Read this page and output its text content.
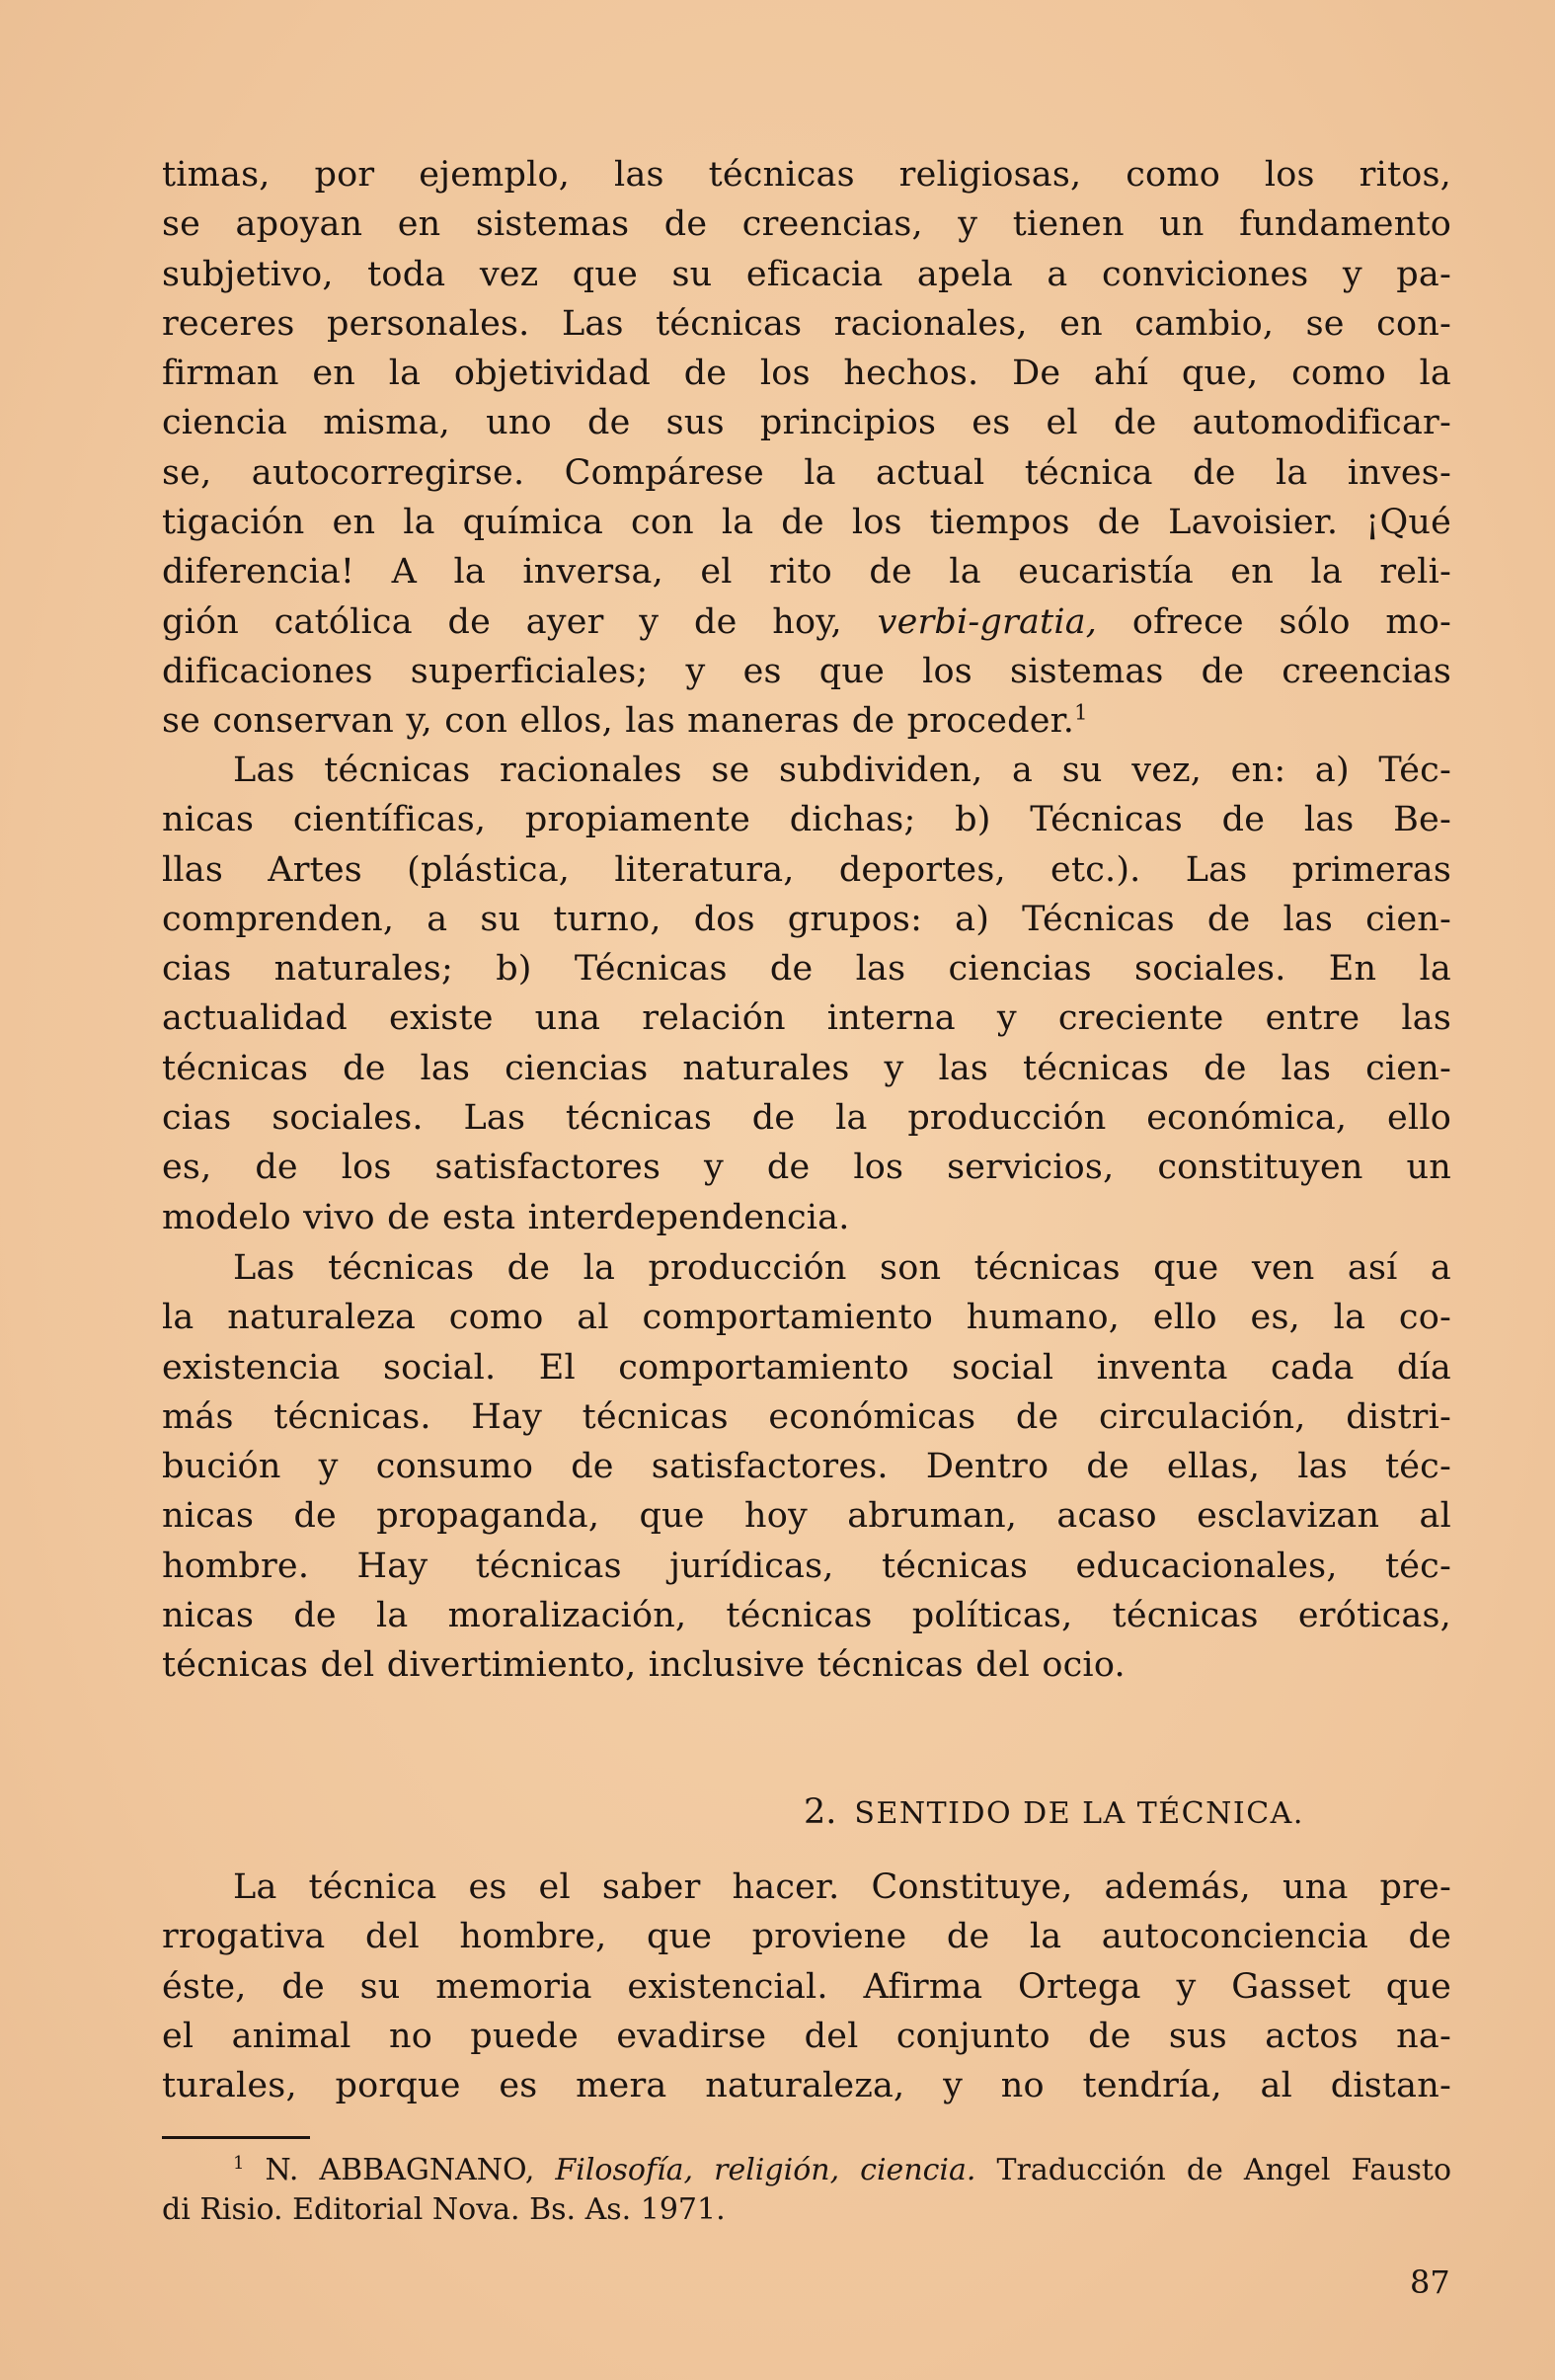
timas, por ejemplo, las técnicas religiosas, como los ritos,
se apoyan en sistemas de creencias, y tienen un fundamento
subjetivo, toda vez que su eficacia apela a conviciones y pa-
receres personales. Las técnicas racionales, en cambio, se con-
firman en la objetividad de los hechos. De ahí que, como la
ciencia misma, uno de sus principios es el de automodificar-
se, autocorregirse. Compárese la actual técnica de la inves-
tigación en la química con la de los tiempos de Lavoisier. ¡Qué
diferencia! A la inversa, el rito de la eucaristía en la reli-
gión católica de ayer y de hoy, verbi-gratia, ofrece sólo mo-
dificaciones superficiales; y es que los sistemas de creencias
se conservan y, con ellos, las maneras de proceder.$^1$
Las técnicas racionales se subdividen, a su vez, en: a) Téc-
nicas científicas, propiamente dichas; b) Técnicas de las Be-
llas Artes (plástica, literatura, deportes, etc.). Las primeras
comprenden, a su turno, dos grupos: a) Técnicas de las cien-
cias naturales; b) Técnicas de las ciencias sociales. En la
actualidad existe una relación interna y creciente entre las
técnicas de las ciencias naturales y las técnicas de las cien-
cias sociales. Las técnicas de la producción económica, ello
es, de los satisfactores y de los servicios, constituyen un
modelo vivo de esta interdependencia.
Las técnicas de la producción son técnicas que ven así a
la naturaleza como al comportamiento humano, ello es, la co-
existencia social. El comportamiento social inventa cada día
más técnicas. Hay técnicas económicas de circulación, distri-
bución y consumo de satisfactores. Dentro de ellas, las téc-
nicas de propaganda, que hoy abruman, acaso esclavizan al
hombre. Hay técnicas jurídicas, técnicas educacionales, téc-
nicas de la moralización, técnicas políticas, técnicas eróticas,
técnicas del divertimiento, inclusive técnicas del ocio.
2. SENTIDO DE LA TÉCNICA.
La técnica es el saber hacer. Constituye, además, una pre-
rrogativa del hombre, que proviene de la autoconciencia de
éste, de su memoria existencial. Afirma Ortega y Gasset que
el animal no puede evadirse del conjunto de sus actos na-
turales, porque es mera naturaleza, y no tendría, al distan-
$^1$ N. ABBAGNANO, Filosofía, religión, ciencia. Traducción de Angel Fausto
di Risio. Editorial Nova. Bs. As. 1971.
87
